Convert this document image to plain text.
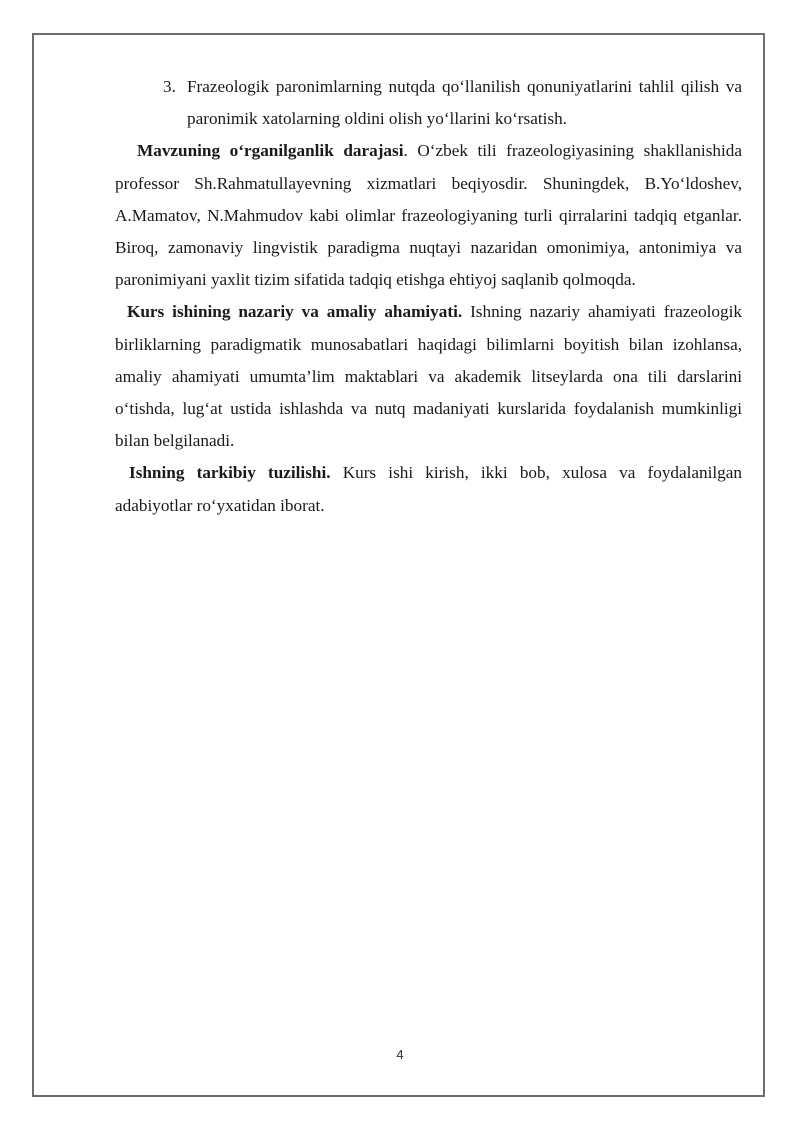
3. Frazeologik paronimlarning nutqda qo‘llanilish qonuniyatlarini tahlil qilish va paronimik xatolarning oldini olish yo‘llarini ko‘rsatish.

Mavzuning o‘rganilganlik darajasi. O‘zbek tili frazeologiyasining shakllanishida professor Sh.Rahmatullayevning xizmatlari beqiyosdir. Shuningdek, B.Yo‘ldoshev, A.Mamatov, N.Mahmudov kabi olimlar frazeologiyaning turli qirralarini tadqiq etganlar. Biroq, zamonaviy lingvistik paradigma nuqtayi nazaridan omonimiya, antonimiya va paronimiyani yaxlit tizim sifatida tadqiq etishga ehtiyoj saqlanib qolmoqda.

Kurs ishining nazariy va amaliy ahamiyati. Ishning nazariy ahamiyati frazeologik birliklarning paradigmatik munosabatlari haqidagi bilimlarni boyitish bilan izohlansa, amaliy ahamiyati umumta’lim maktablari va akademik litseylarda ona tili darslarini o‘tishda, lug‘at ustida ishlashda va nutq madaniyati kurslarida foydalanish mumkinligi bilan belgilanadi.

Ishning tarkibiy tuzilishi. Kurs ishi kirish, ikki bob, xulosa va foydalanilgan adabiyotlar ro‘yxatidan iborat.

4
